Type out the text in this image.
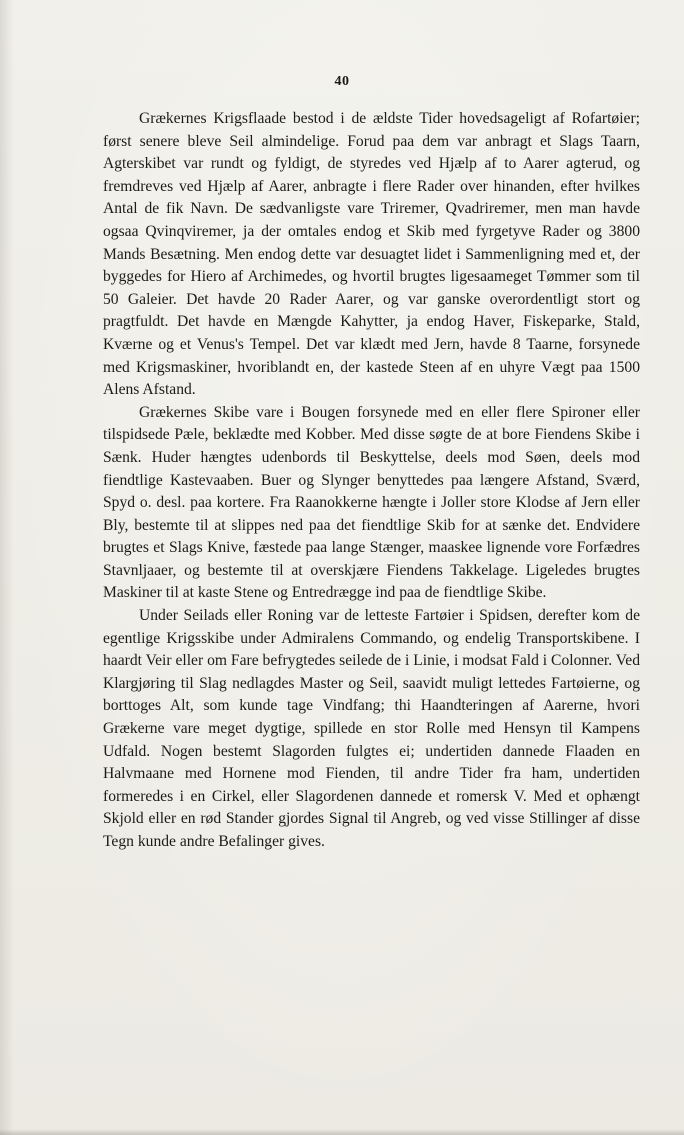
40

Grækernes Krigsflaade bestod i de ældste Tider hovedsageligt af Rofartøier; først senere bleve Seil almindelige. Forud paa dem var anbragt et Slags Taarn, Agterskibet var rundt og fyldigt, de styredes ved Hjælp af to Aarer agterud, og fremdreves ved Hjælp af Aarer, anbragte i flere Rader over hinanden, efter hvilkes Antal de fik Navn. De sædvanligste vare Triremer, Qvadriremer, men man havde ogsaa Qvinqviremer, ja der omtales endog et Skib med fyrgetyve Rader og 3800 Mands Besætning. Men endog dette var desuagtet lidet i Sammenligning med et, der byggedes for Hiero af Archimedes, og hvortil brugtes ligesaameget Tømmer som til 50 Galeier. Det havde 20 Rader Aarer, og var ganske overordentligt stort og pragtfuldt. Det havde en Mængde Kahytter, ja endog Haver, Fiskeparke, Stald, Kværne og et Venus's Tempel. Det var klædt med Jern, havde 8 Taarne, forsynede med Krigsmaskiner, hvoriblandt en, der kastede Steen af en uhyre Vægt paa 1500 Alens Afstand.

Grækernes Skibe vare i Bougen forsynede med en eller flere Spironer eller tilspidsede Pæle, beklædte med Kobber. Med disse søgte de at bore Fiendens Skibe i Sænk. Huder hængtes udenbords til Beskyttelse, deels mod Søen, deels mod fiendtlige Kastevaaben. Buer og Slynger benyttedes paa længere Afstand, Sværd, Spyd o. desl. paa kortere. Fra Raanokkerne hængte i Joller store Klodse af Jern eller Bly, bestemte til at slippes ned paa det fiendtlige Skib for at sænke det. Endvidere brugtes et Slags Knive, fæstede paa lange Stænger, maaskee lignende vore Forfædres Stavnljaaer, og bestemte til at overskjære Fiendens Takkelage. Ligeledes brugtes Maskiner til at kaste Stene og Entredrægge ind paa de fiendtlige Skibe.

Under Seilads eller Roning var de letteste Fartøier i Spidsen, derefter kom de egentlige Krigsskibe under Admiralens Commando, og endelig Transportskibene. I haardt Veir eller om Fare befrygtedes seilede de i Linie, i modsat Fald i Colonner. Ved Klargjøring til Slag nedlagdes Master og Seil, saavidt muligt lettedes Fartøierne, og borttoges Alt, som kunde tage Vindfang; thi Haandteringen af Aarerne, hvori Grækerne vare meget dygtige, spillede en stor Rolle med Hensyn til Kampens Udfald. Nogen bestemt Slagorden fulgtes ei; undertiden dannede Flaaden en Halvmaane med Hornene mod Fienden, til andre Tider fra ham, undertiden formeredes i en Cirkel, eller Slagordenen dannede et romersk V. Med et ophængt Skjold eller en rød Stander gjordes Signal til Angreb, og ved visse Stillinger af disse Tegn kunde andre Befalinger gives.
